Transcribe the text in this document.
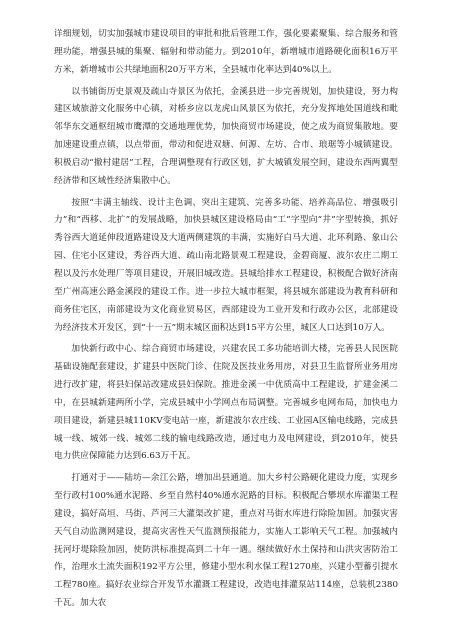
详细规划，切实加强城市建设项目的审批和批后管理工作，强化要素聚集、综合服务和管理功能，增强县城的集聚、辐射和带动能力。到2010年，新增城市道路硬化面积16万平方米，新增城市公共绿地面积20万平方米，全县城市化率达到40%以上。

以书铺街历史景观及疏山寺景区为依托，金溪县进一步完善规划，加快建设，努力构建区域旅游文化服务中心镇，对桥乡应以龙虎山风景区为依托，充分发挥地处国道线和毗邻华东交通枢纽城市鹰潭的交通地理优势，加快商贸市场建设，使之成为商贸集散地。要加速建设重点镇，以点带面，带动和促进双塘、何源、左坊、合市、琅琚等小城镇建设。积极启动“撤村建居”工程，合理调整现有行政区划，扩大城镇发展空间，建设东西两翼型经济带和区域性经济集散中心。

按照“丰满主轴线、设计主色调、突出主建筑、完善多功能、培养高品位、增强吸引力”和“西移、北扩”的发展战略，加快县城区建设格局由“工”字型向“井”字型转换，抓好秀谷西大道延伸段道路建设及大道两侧建筑的丰满，实施好白马大道、北环利路、象山公园、住宅小区建设，秀谷西大道、疏山南北路景观工程建设，金碧商厦、波尔农庄二期工程以及污水处理厂等项目建设，开展旧城改造。县城给排水工程建设，积极配合做好济南至广州高速公路金溪段的建设工作。进一步拉大城市框架，将县城东部建设为教育科研和商务住宅区，南部建设为文化商业贸易区，西部建设为工业开发和行政办公区，北部建设为经济技术开发区，到“十一五”期末城区面积达到15平方公里，城区人口达到10万人。

加快新行政中心、综合商贸市场建设，兴建农民工多功能培训大楼，完善县人民医院基础设施配套建设，扩建县中医院门诊、住院及医技业务用房，对县卫生监督所业务用房进行改扩建，将县妇保站改建成县妇保院。推进金溪一中优质高中工程建设，扩建金溪二中，在县城新建两所小学，完成县城中小学网点布局调整。完善城乡电网布局，加快电力项目建设，新建县城110KV变电站一座，新建波尔农庄线、工业园A区输电线路，完成县城一线、城郊一线、城郊二线的输电线路改造，通过电力及电网建设，到2010年，使县电力供应保障能力达到6.63万千瓦。

打通对于——陆坊—余江公路，增加出县通道。加大乡村公路硬化建设力度，实现乡至行政村100%通水泥路、乡至自然村40%通水泥路的目标。积极配合攀坝水库灌渠工程建设，搞好高垣、马街、芦河三大灌渠改扩建，重点对马街水库进行除险加固。加强灾害天气自动监测网建设，提高灾害性天气监测预报能力，实施人工影响天气工程。加强城内抚河圩堤除险加固，使防洪标准提高到二十年一遇。继续做好水土保持和山洪灾害防治工作，治理水土流失面积192平方公里，修建小型水利水保工程1270座，兴建小型蓄引提水工程780座。搞好农业综合开发节水灌溉工程建设，改造电排灌泵站114座，总装机2380千瓦。加大农
